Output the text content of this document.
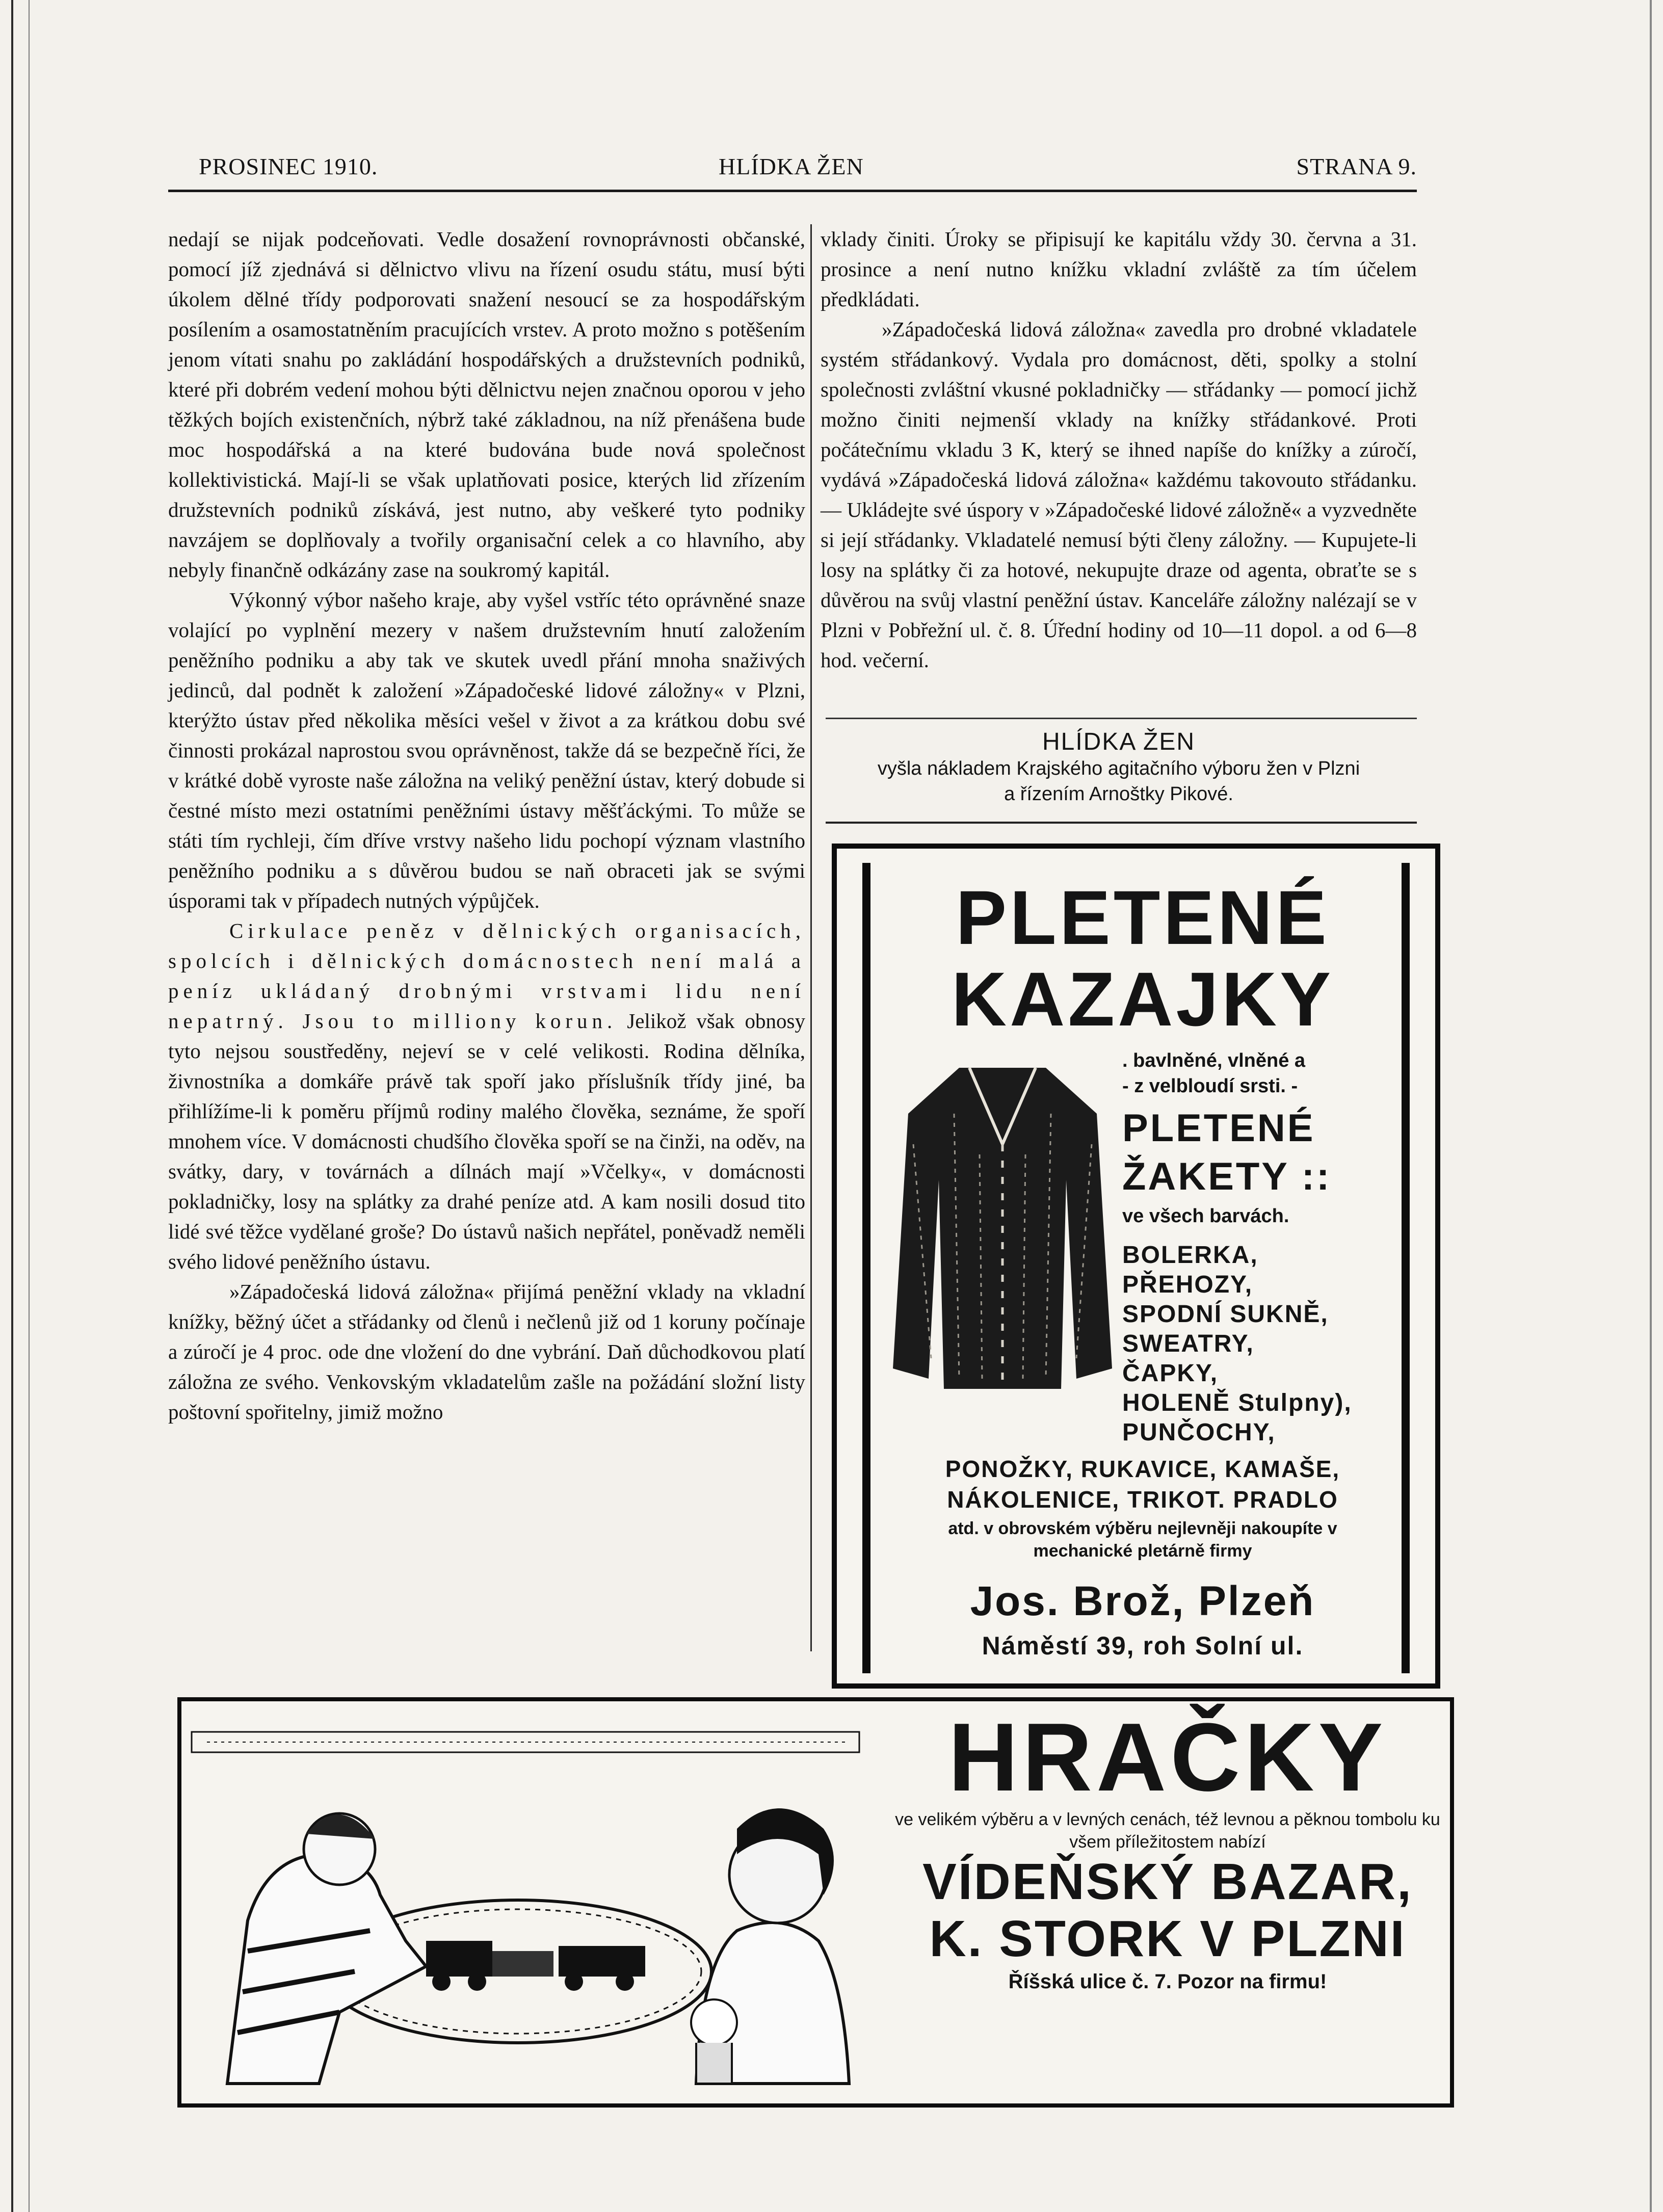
PROSINEC 1910.	HLÍDKA ŽEN	STRANA 9.

nedají se nijak podceňovati. Vedle dosažení rovnoprávnosti občanské, pomocí jíž zjednává si dělnictvo vlivu na řízení osudu státu, musí býti úkolem dělné třídy podporovati snažení nesoucí se za hospodářským posílením a osamostatněním pracujících vrstev. A proto možno s potěšením jenom vítati snahu po zakládání hospodářských a družstevních podniků, které při dobrém vedení mohou býti dělnictvu nejen značnou oporou v jeho těžkých bojích existenčních, nýbrž také základnou, na níž přenášena bude moc hospodářská a na které budována bude nová společnost kollektivistická. Mají-li se však uplatňovati posice, kterých lid zřízením družstevních podniků získává, jest nutno, aby veškeré tyto podniky navzájem se doplňovaly a tvořily organisační celek a co hlavního, aby nebyly finančně odkázány zase na soukromý kapitál.

Výkonný výbor našeho kraje, aby vyšel vstříc této oprávněné snaze volající po vyplnění mezery v našem družstevním hnutí založením peněžního podniku a aby tak ve skutek uvedl přání mnoha snaživých jedinců, dal podnět k založení »Západočeské lidové záložny« v Plzni, kterýžto ústav před několika měsíci vešel v život a za krátkou dobu své činnosti prokázal naprostou svou oprávněnost, takže dá se bezpečně říci, že v krátké době vyroste naše záložna na veliký peněžní ústav, který dobude si čestné místo mezi ostatními peněžními ústavy měšťáckými. To může se státi tím rychleji, čím dříve vrstvy našeho lidu pochopí význam vlastního peněžního podniku a s důvěrou budou se naň obraceti jak se svými úsporami tak v případech nutných výpůjček.

Cirkulace peněz v dělnických organisacích, spolcích i dělnických domácnostech není malá a peníz ukládaný drobnými vrstvami lidu není nepatrný. Jsou to milliony korun. Jelikož však obnosy tyto nejsou soustředěny, nejeví se v celé velikosti. Rodina dělníka, živnostníka a domkáře právě tak spoří jako příslušník třídy jiné, ba přihlížíme-li k poměru příjmů rodiny malého člověka, seznáme, že spoří mnohem více. V domácnosti chudšího člověka spoří se na činži, na oděv, na svátky, dary, v továrnách a dílnách mají »Včelky«, v domácnosti pokladničky, losy na splátky za drahé peníze atd. A kam nosili dosud tito lidé své těžce vydělané groše? Do ústavů našich nepřátel, poněvadž neměli svého lidové peněžního ústavu.

»Západočeská lidová záložna« přijímá peněžní vklady na vkladní knížky, běžný účet a střádanky od členů i nečlenů již od 1 koruny počínaje a zúročí je 4 proc. ode dne vložení do dne vybrání. Daň důchodkovou platí záložna ze svého. Venkovským vkladatelům zašle na požádání složní listy poštovní spořitelny, jimiž možno

vklady činiti. Úroky se připisují ke kapitálu vždy 30. června a 31. prosince a není nutno knížku vkladní zvláště za tím účelem předkládati.

»Západočeská lidová záložna« zavedla pro drobné vkladatele systém střádankový. Vydala pro domácnost, děti, spolky a stolní společnosti zvláštní vkusné pokladničky — střádanky — pomocí jichž možno činiti nejmenší vklady na knížky střádankové. Proti počátečnímu vkladu 3 K, který se ihned napíše do knížky a zúročí, vydává »Západočeská lidová záložna« každému takovouto střádanku. — Ukládejte své úspory v »Západočeské lidové záložně« a vyzvedněte si její střádanky. Vkladatelé nemusí býti členy záložny. — Kupujete-li losy na splátky či za hotové, nekupujte draze od agenta, obraťte se s důvěrou na svůj vlastní peněžní ústav. Kanceláře záložny nalézají se v Plzni v Pobřežní ul. č. 8. Úřední hodiny od 10—11 dopol. a od 6—8 hod. večerní.

HLÍDKA ŽEN
vyšla nákladem Krajského agitačního výboru žen v Plzni
a řízením Arnoštky Pikové.
PLETENÉ
KAZAJKY
. bavlněné, vlněné a
- z velbloudí srsti. -
PLETENÉ
ŽAKETY ::
ve všech barvách.
BOLERKA,
PŘEHOZY,
SPODNÍ SUKNĚ,
SWEATRY,
ČAPKY,
HOLENĚ Stulpny),
PUNČOCHY,
PONOŽKY, RUKAVICE, KAMAŠE,
NÁKOLENICE, TRIKOT. PRADLO
atd. v obrovském výběru nejlevněji nakoupíte v mechanické pletárně firmy
Jos. Brož, Plzeň
Náměstí 39, roh Solní ul.
HRAČKY
ve velikém výběru a v levných cenách, též levnou a pěknou tombolu ku všem příležitostem nabízí
VÍDEŇSKÝ BAZAR,
K. STORK V PLZNI
Říšská ulice č. 7. Pozor na firmu!
